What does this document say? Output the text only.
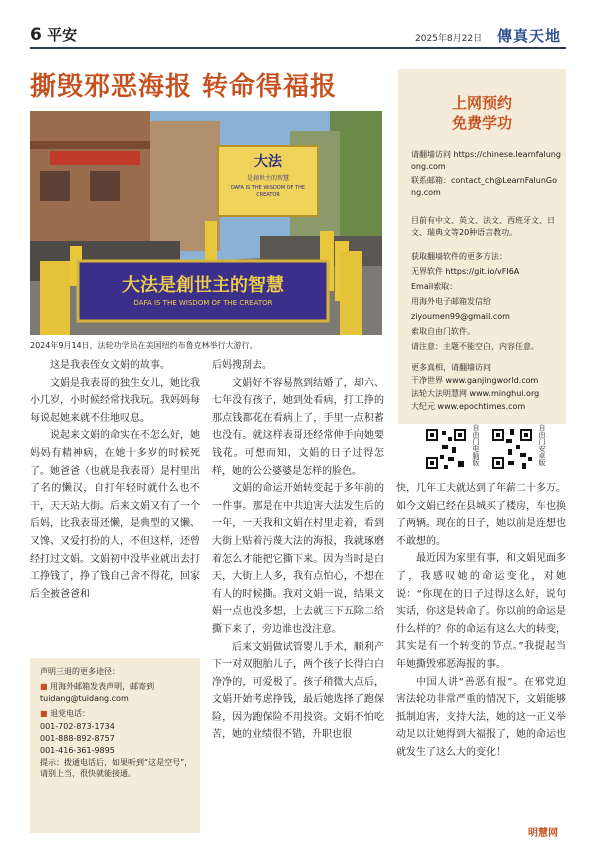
6 平安	2025年8月22日 傳真天地
撕毁邪恶海报 转命得福报
大法
是創世主的智慧
DAFA IS THE WISDOM OF THE CREATOR
大法是創世主的智慧
DAFA IS THE WISDOM OF THE CREATOR
2024年9月14日，法轮功学员在美国纽约布鲁克林举行大游行。
上网预约
免费学功
请翻墙访问 https://chinese.learnfalungong.com
联系邮箱：contact_ch@LearnFalunGong.com
目前有中文、英文、法文、西班牙文、日文、瑞典文等20种语言教功。
获取翻墙软件的更多方法：
无界软件 https://git.io/vFI6A
Email索取：
用海外电子邮箱发信给
ziyoumen99@gmail.com
索取自由门软件。
请注意：主题不能空白，内容任意。
更多真相，请翻墙访问
干净世界 www.ganjingworld.com
法轮大法明慧网 www.minghui.org
大纪元 www.epochtimes.com
自由门电脑版	自由门安卓版

这是我表侄女文娟的故事。

文娟是我表哥的独生女儿，她比我小几岁，小时候经常找我玩。我妈妈每每说起她来就不住地叹息。

说起来文娟的命实在不怎么好，她妈妈有精神病，在她十多岁的时候死了。她爸爸（也就是我表哥）是村里出了名的懒汉，自打年轻时就什么也不干，天天站大街。后来文娟又有了一个后妈，比我表哥还懒，是典型的又懒、又馋、又爱打扮的人，不但这样，还曾经打过文娟。文娟初中没毕业就出去打工挣钱了，挣了钱自己舍不得花，回家后全被爸爸和

声明三退的更多途径：
■ 用海外邮箱发表声明，邮寄到
tuidang@tuidang.com
■ 退党电话：
001-702-873-1734
001-888-892-8757
001-416-361-9895
提示：拨通电话后，如果听到“这是空号”，请别上当，很快就能接通。

后妈搜刮去。

文娟好不容易熬到结婚了，却六、七年没有孩子，她到处看病，打工挣的那点钱都花在看病上了，手里一点积蓄也没有。就这样表哥还经常伸手向她要钱花。可想而知，文娟的日子过得怎样，她的公公婆婆是怎样的脸色。

文娟的命运开始转变起于多年前的一件事。那是在中共迫害大法发生后的一年，一天我和文娟在村里走着，看到大街上贴着污蔑大法的海报，我就琢磨着怎么才能把它撕下来。因为当时是白天，大街上人多，我有点怕心，不想在有人的时候撕。我对文娟一说，结果文娟一点也没多想，上去就三下五除二给撕下来了，旁边谁也没注意。

后来文娟做试管婴儿手术，顺利产下一对双胞胎儿子，两个孩子长得白白净净的，可爱极了。孩子稍微大点后，文娟开始考虑挣钱，最后她选择了跑保险，因为跑保险不用投资。文娟不怕吃苦，她的业绩很不错，升职也很

快，几年工夫就达到了年薪二十多万。如今文娟已经在县城买了楼房，车也换了两辆。现在的日子，她以前是连想也不敢想的。

最近因为家里有事，和文娟见面多了，我感叹她的命运变化，对她说：“你现在的日子过得这么好，说句实话，你这是转命了。你以前的命运是什么样的？你的命运有这么大的转变，其实是有一个转变的节点。”我提起当年她撕毁邪恶海报的事。

中国人讲“善恶有报”。在邪党迫害法轮功非常严重的情况下，文娟能够抵制迫害，支持大法，她的这一正义举动足以让她得到大福报了，她的命运也就发生了这么大的变化！

明慧网
